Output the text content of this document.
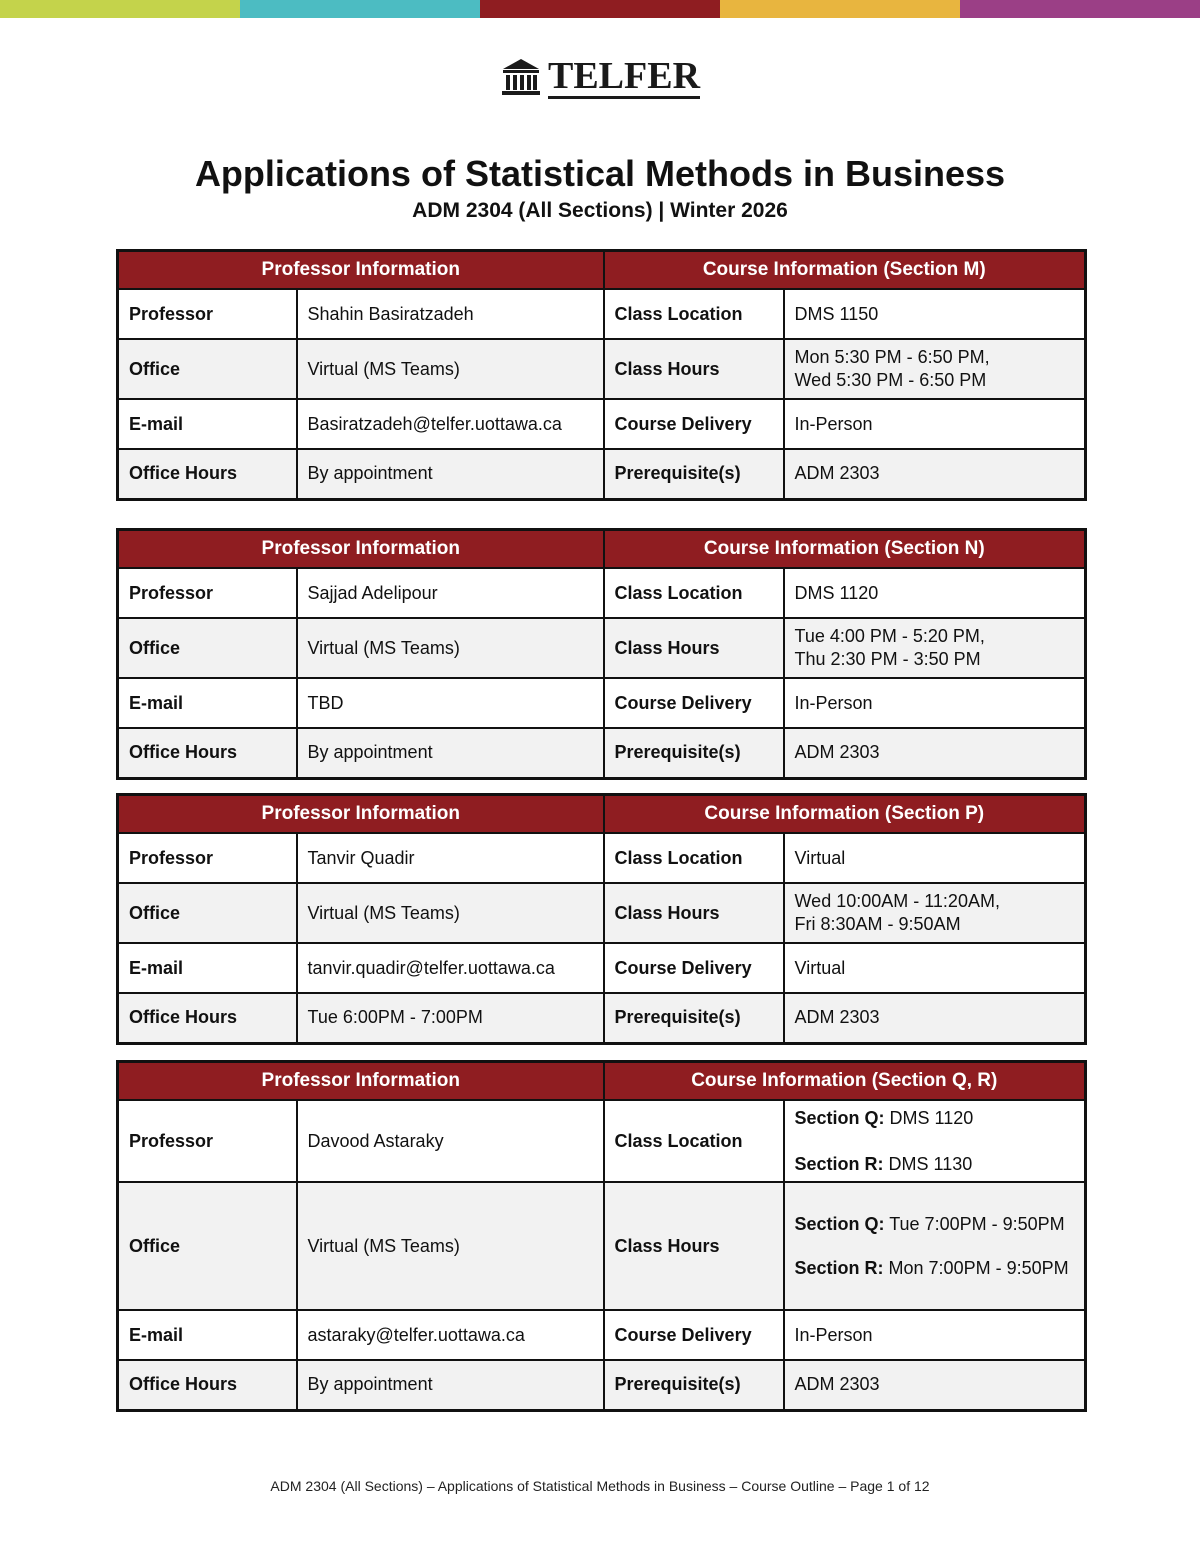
TELFER
Applications of Statistical Methods in Business
ADM 2304 (All Sections) | Winter 2026
Professor Information		Course Information (Section M)	
Professor	Shahin Basiratzadeh	Class Location	DMS 1150
Office	Virtual (MS Teams)	Class Hours	Mon 5:30 PM - 6:50 PM,
Wed 5:30 PM - 6:50 PM

E-mail	Basiratzadeh@telfer.uottawa.ca	Course Delivery	In-Person
Office Hours	By appointment	Prerequisite(s)	ADM 2303
Professor Information		Course Information (Section N)	
Professor	Sajjad Adelipour	Class Location	DMS 1120
Office	Virtual (MS Teams)	Class Hours	Tue 4:00 PM - 5:20 PM,
Thu 2:30 PM - 3:50 PM

E-mail	TBD	Course Delivery	In-Person
Office Hours	By appointment	Prerequisite(s)	ADM 2303
Professor Information		Course Information (Section P)	
Professor	Tanvir Quadir	Class Location	Virtual
Office	Virtual (MS Teams)	Class Hours	Wed 10:00AM - 11:20AM,
Fri 8:30AM - 9:50AM

E-mail	tanvir.quadir@telfer.uottawa.ca	Course Delivery	Virtual
Office Hours	Tue 6:00PM - 7:00PM	Prerequisite(s)	ADM 2303
Professor Information		Course Information (Section Q, R)	
Professor	Davood Astaraky	Class Location	Section Q: DMS 1120
Section R: DMS 1130

Office	Virtual (MS Teams)	Class Hours	Section Q: Tue 7:00PM - 9:50PM
Section R: Mon 7:00PM - 9:50PM

E-mail	astaraky@telfer.uottawa.ca	Course Delivery	In-Person
Office Hours	By appointment	Prerequisite(s)	ADM 2303
ADM 2304 (All Sections) – Applications of Statistical Methods in Business – Course Outline – Page 1 of 12
